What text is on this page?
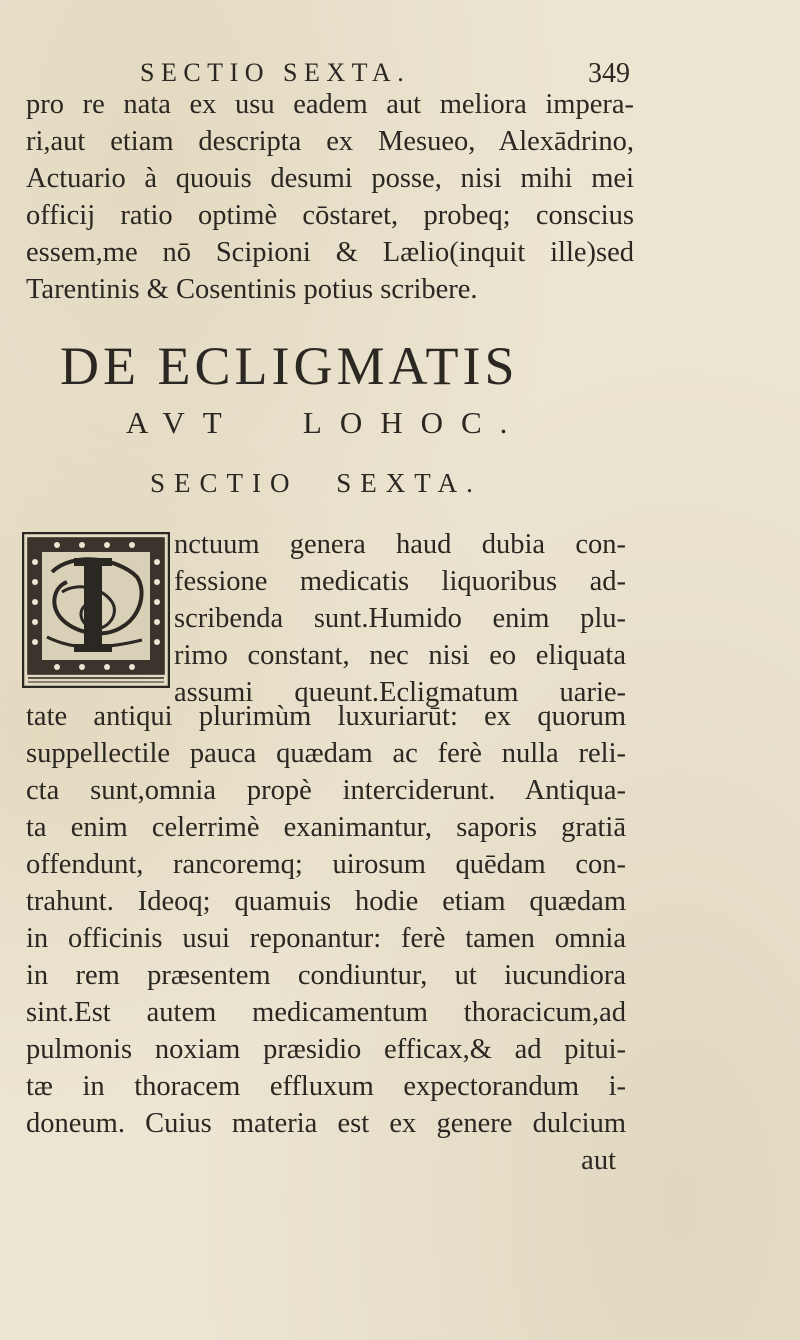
SECTIO SEXTA.	349
pro re nata ex usu eadem aut meliora impera-
ri,aut etiam descripta ex Mesueo, Alexādrino,
Actuario à quouis desumi posse, nisi mihi mei
officij ratio optimè cōstaret, probeq; conscius
essem,me nō Scipioni & Lælio(inquit ille)sed
Tarentinis & Cosentinis potius scribere.
DE ECLIGMATIS
AVT LOHOC.
SECTIO SEXTA.
nctuum genera haud dubia con-
fessione medicatis liquoribus ad-
scribenda sunt.Humido enim plu-
rimo constant, nec nisi eo eliquata
assumi queunt.Ecligmatum uarie-
tate antiqui plurimùm luxuriarūt: ex quorum
suppellectile pauca quædam ac ferè nulla reli-
cta sunt,omnia propè interciderunt. Antiqua-
ta enim celerrimè exanimantur, saporis gratiā
offendunt, rancoremq; uirosum quēdam con-
trahunt. Ideoq; quamuis hodie etiam quædam
in officinis usui reponantur: ferè tamen omnia
in rem præsentem condiuntur, ut iucundiora
sint.Est autem medicamentum thoracicum,ad
pulmonis noxiam præsidio efficax,& ad pitui-
tæ in thoracem effluxum expectorandum i-
doneum. Cuius materia est ex genere dulcium
aut
